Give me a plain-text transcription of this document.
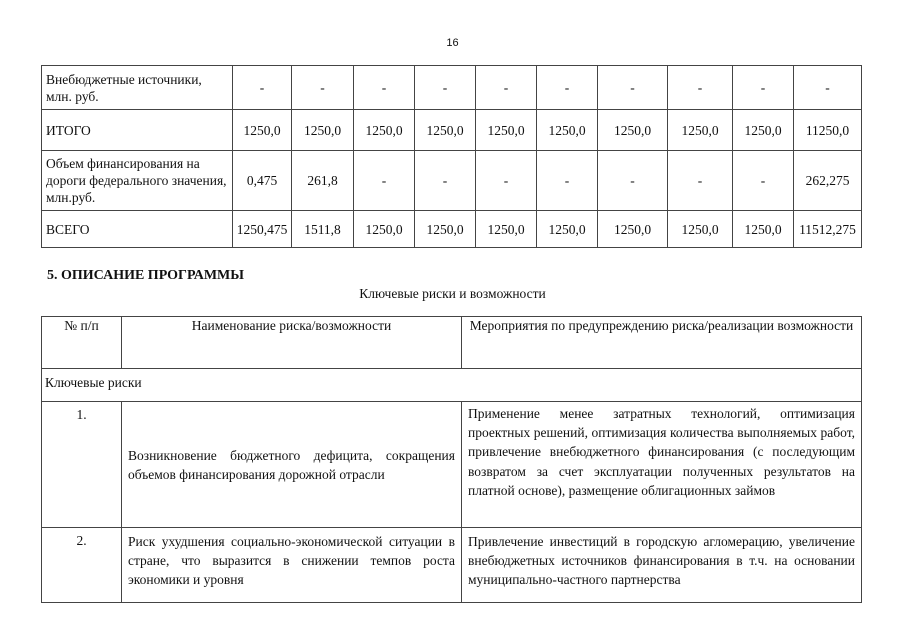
16
Внебюджетные источники, млн. руб.	-	-	-	-	-	-	-	-	-	-
ИТОГО	1250,0	1250,0	1250,0	1250,0	1250,0	1250,0	1250,0	1250,0	1250,0	11250,0
Объем финансирования на дороги федерального значения, млн.руб.	0,475	261,8	-	-	-	-	-	-	-	262,275
ВСЕГО	1250,475	1511,8	1250,0	1250,0	1250,0	1250,0	1250,0	1250,0	1250,0	11512,275
5. ОПИСАНИЕ ПРОГРАММЫ
Ключевые риски и возможности
№ п/п	Наименование риска/возможности	Мероприятия по предупреждению риска/реализации возможности
Ключевые риски		
1.	Возникновение бюджетного дефицита, сокращения объемов финансирования дорожной отрасли	Применение менее затратных технологий, оптимизация проектных решений, оптимизация количества выполняемых работ, привлечение внебюджетного финансирования (с последующим возвратом за счет эксплуатации полученных результатов на платной основе), размещение облигационных займов
2.	Риск ухудшения социально-экономической ситуации в стране, что выразится в снижении темпов роста экономики и уровня	Привлечение инвестиций в городскую агломерацию, увеличение внебюджетных источников финансирования в т.ч. на основании муниципально-частного партнерства
